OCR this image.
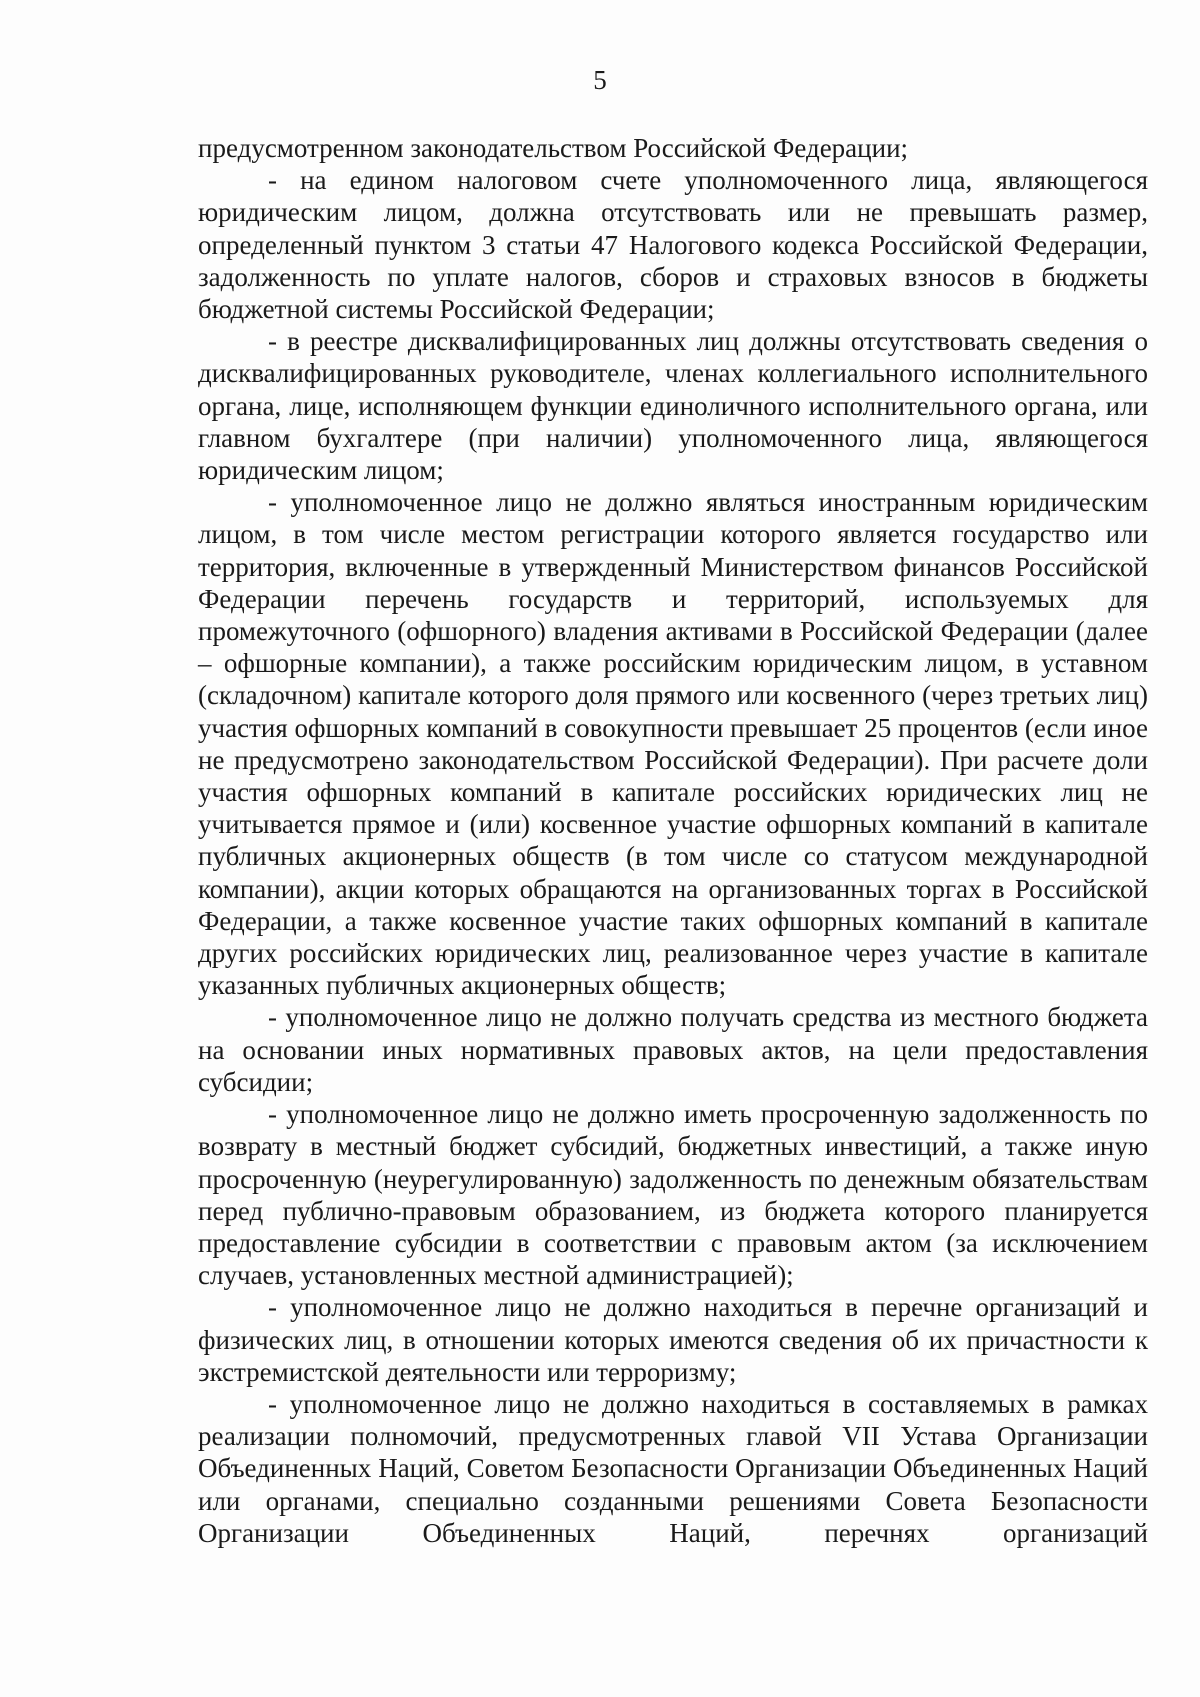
5

предусмотренном законодательством Российской Федерации;

- на едином налоговом счете уполномоченного лица, являющегося юридическим лицом, должна отсутствовать или не превышать размер, определенный пунктом 3 статьи 47 Налогового кодекса Российской Федерации, задолженность по уплате налогов, сборов и страховых взносов в бюджеты бюджетной системы Российской Федерации;

- в реестре дисквалифицированных лиц должны отсутствовать сведения о дисквалифицированных руководителе, членах коллегиального исполнительного органа, лице, исполняющем функции единоличного исполнительного органа, или главном бухгалтере (при наличии) уполномоченного лица, являющегося юридическим лицом;

- уполномоченное лицо не должно являться иностранным юридическим лицом, в том числе местом регистрации которого является государство или территория, включенные в утвержденный Министерством финансов Российской Федерации перечень государств и территорий, используемых для промежуточного (офшорного) владения активами в Российской Федерации (далее – офшорные компании), а также российским юридическим лицом, в уставном (складочном) капитале которого доля прямого или косвенного (через третьих лиц) участия офшорных компаний в совокупности превышает 25 процентов (если иное не предусмотрено законодательством Российской Федерации). При расчете доли участия офшорных компаний в капитале российских юридических лиц не учитывается прямое и (или) косвенное участие офшорных компаний в капитале публичных акционерных обществ (в том числе со статусом международной компании), акции которых обращаются на организованных торгах в Российской Федерации, а также косвенное участие таких офшорных компаний в капитале других российских юридических лиц, реализованное через участие в капитале указанных публичных акционерных обществ;

- уполномоченное лицо не должно получать средства из местного бюджета на основании иных нормативных правовых актов, на цели предоставления субсидии;

- уполномоченное лицо не должно иметь просроченную задолженность по возврату в местный бюджет субсидий, бюджетных инвестиций, а также иную просроченную (неурегулированную) задолженность по денежным обязательствам перед публично-правовым образованием, из бюджета которого планируется предоставление субсидии в соответствии с правовым актом (за исключением случаев, установленных местной администрацией);

- уполномоченное лицо не должно находиться в перечне организаций и физических лиц, в отношении которых имеются сведения об их причастности к экстремистской деятельности или терроризму;

- уполномоченное лицо не должно находиться в составляемых в рамках реализации полномочий, предусмотренных главой VII Устава Организации Объединенных Наций, Советом Безопасности Организации Объединенных Наций или органами, специально созданными решениями Совета Безопасности Организации Объединенных Наций, перечнях организаций
